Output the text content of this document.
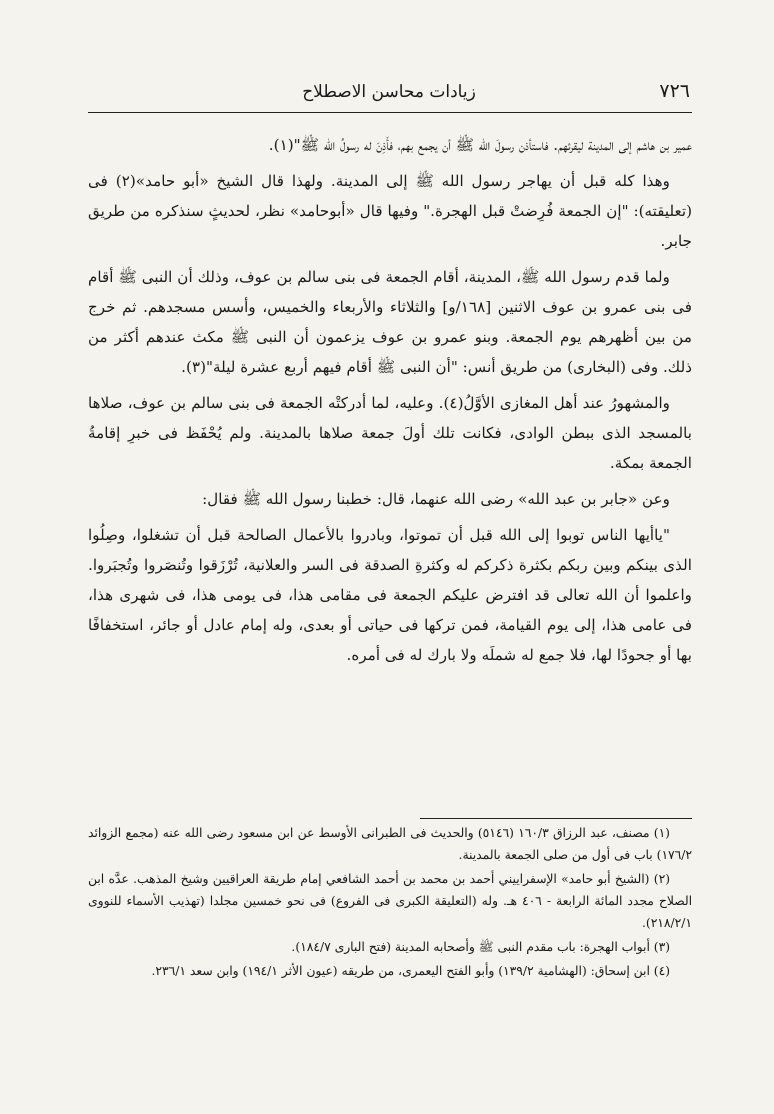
٧٢٦
زيادات محاسن الاصطلاح

عمير بن هاشم إلى المدينة ليقرئهم. فاستأذن رسولَ الله ﷺ أن يجمع بهم، فأَذِنَ له رسولُ الله ﷺ"(١).

وهذا كله قبل أن يهاجر رسول الله ﷺ إلى المدينة. ولهذا قال الشيخ «أبو حامد»(٢) فى (تعليقته): "إن الجمعة فُرِضتْ قبل الهجرة." وفيها قال «أبوحامد» نظر، لحديثٍ سنذكره من طريق جابر.

ولما قدم رسول الله ﷺ، المدينة، أقام الجمعة فى بنى سالم بن عوف، وذلك أن النبى ﷺ أقام فى بنى عمرو بن عوف الاثنين [١٦٨/و] والثلاثاء والأربعاء والخميس، وأسس مسجدهم. ثم خرج من بين أظهرهم يوم الجمعة. وبنو عمرو بن عوف يزعمون أن النبى ﷺ مكث عندهم أكثر من ذلك. وفى (البخارى) من طريق أنس: "أن النبى ﷺ أقام فيهم أربع عشرة ليلة"(٣).

والمشهورُ عند أهل المغازى الأوَّلُ(٤). وعليه، لما أدركتْه الجمعة فى بنى سالم بن عوف، صلاها بالمسجد الذى ببطن الوادى، فكانت تلك أولَ جمعة صلاها بالمدينة. ولم يُحْفَظ فى خبرِ إقامةُ الجمعة بمكة.

وعن «جابر بن عبد الله» رضى الله عنهما، قال: خطبنا رسول الله ﷺ فقال:

"ياأيها الناس توبوا إلى الله قبل أن تموتوا، وبادروا بالأعمال الصالحة قبل أن تشغلوا، وصِلُوا الذى بينكم وبين ربكم بكثرة ذكركم له وكثرةِ الصدقة فى السر والعلانية، تُرْزَقوا وتُنصَروا وتُجبَروا. واعلموا أن الله تعالى قد افترض عليكم الجمعة فى مقامى هذا، فى يومى هذا، فى شهرى هذا، فى عامى هذا، إلى يوم القيامة، فمن تركها فى حياتى أو بعدى، وله إمام عادل أو جائر، استخفافًا بها أو جحودًا لها، فلا جمع له شملَه ولا بارك له فى أمره.

(١) مصنف، عبد الرزاق ١٦٠/٣ (٥١٤٦) والحديث فى الطبرانى الأوسط عن ابن مسعود رضى الله عنه (مجمع الزوائد ١٧٦/٢) باب فى أول من صلى الجمعة بالمدينة.

(٢) (الشيخ أبو حامد» الإسفراييني أحمد بن محمد بن أحمد الشافعي إمام طريقة العراقيين وشيخ المذهب. عدَّه ابن الصلاح مجدد المائة الرابعة - ٤٠٦ هـ. وله (التعليقة الكبرى فى الفروع) فى نحو خمسين مجلدا (تهذيب الأسماء للنووى ٢١٨/٢/١).

(٣) أبواب الهجرة: باب مقدم النبى ﷺ وأصحابه المدينة (فتح البارى ١٨٤/٧).

(٤) ابن إسحاق: (الهشامية ١٣٩/٢) وأبو الفتح اليعمرى، من طريقه (عيون الأثر ١٩٤/١) وابن سعد ٢٣٦/١.
